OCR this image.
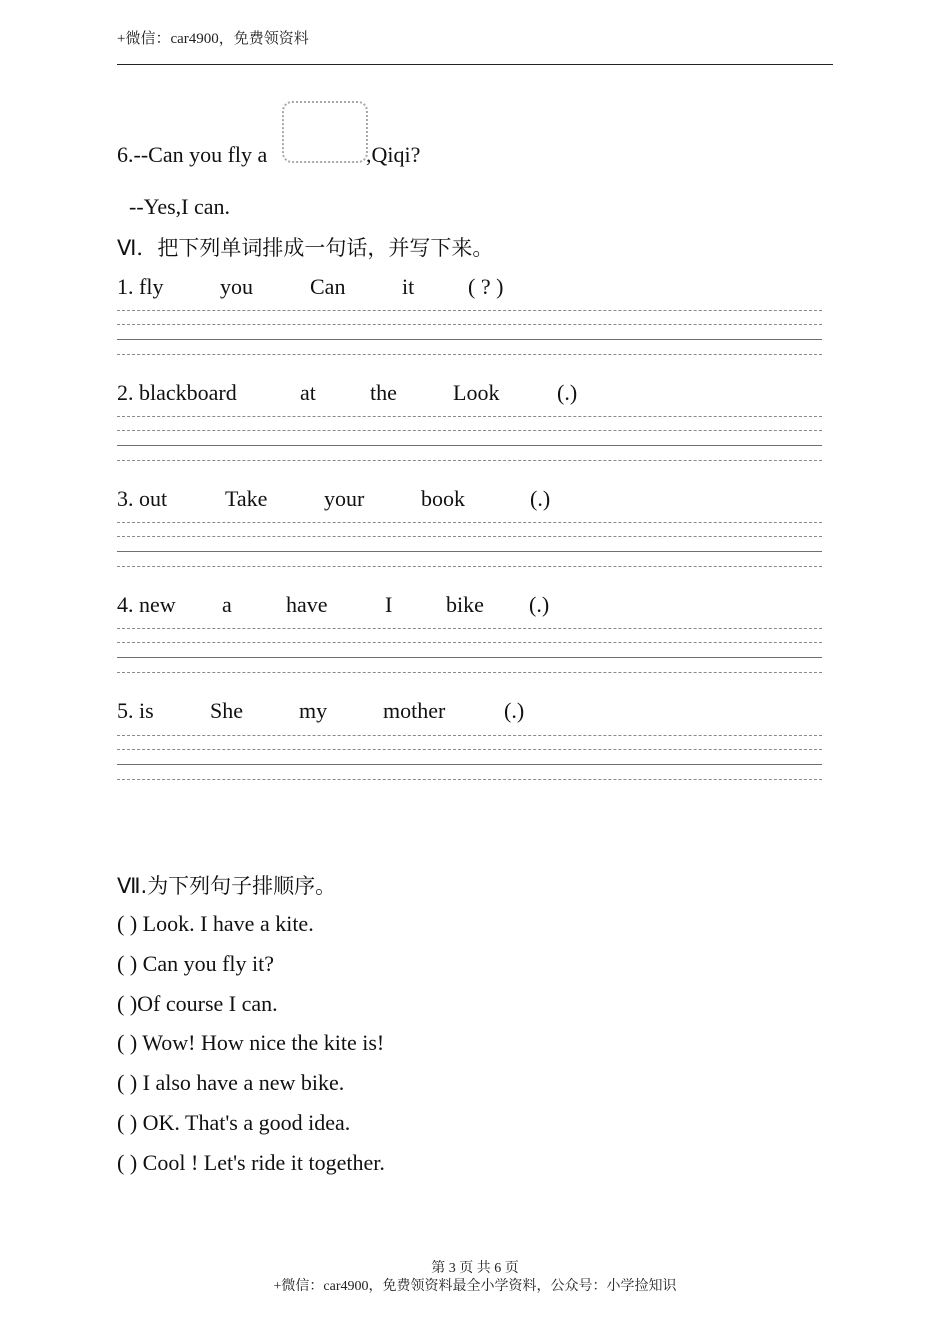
+微信：car4900，免费领资料
6.--Can you fly a	,Qiqi?
--Yes,I can.
Ⅵ．把下列单词排成一句话，并写下来。
1. fly	you	Can	it ( ? )
2. blackboard	at the	Look	(.)
3. out	Take	your	book	(.)
4. new a have	I bike (.)
5. is	She	my	mother	(.)
Ⅶ.为下列句子排顺序。
( ) Look. I have a kite.
( ) Can you fly it?
( )Of course I can.
( ) Wow! How nice the kite is!
( ) I also have a new bike.
( ) OK. That's a good idea.
( ) Cool ! Let's ride it together.
第 3 页 共 6 页
+微信：car4900，免费领资料最全小学资料，公众号：小学捡知识
